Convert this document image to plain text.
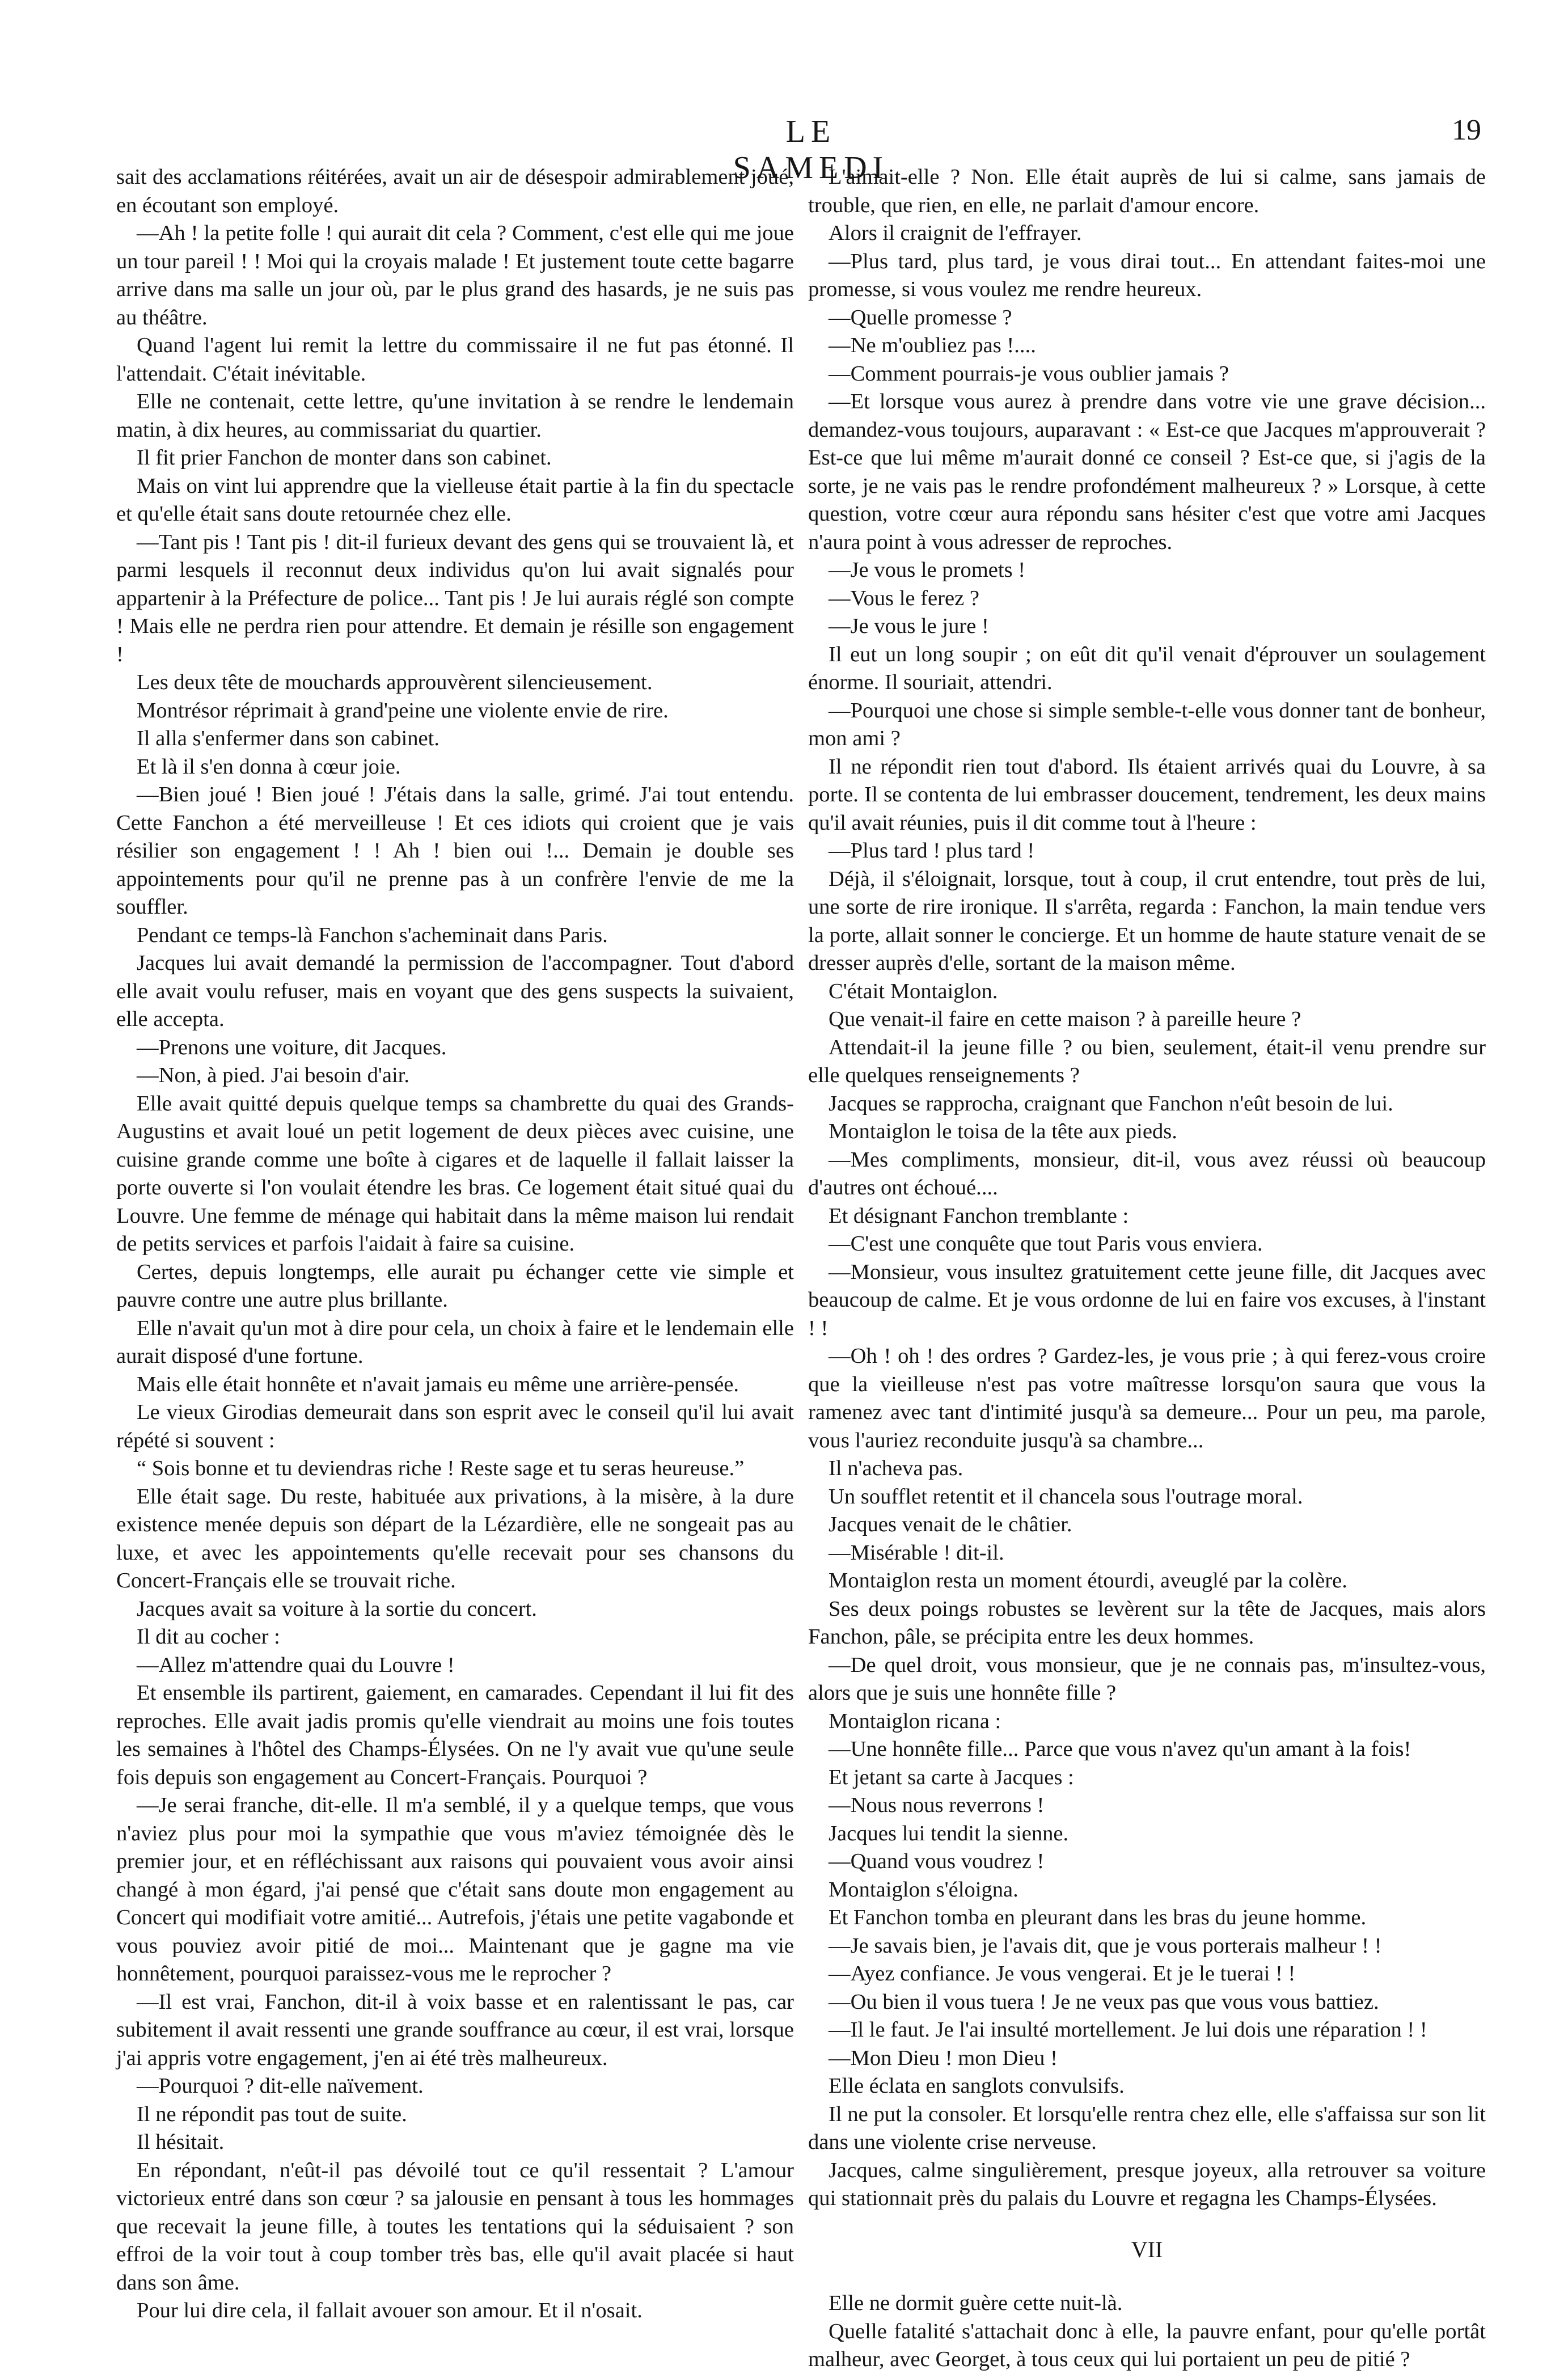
LE SAMEDI
19

sait des acclamations réitérées, avait un air de désespoir admirablement joué, en écoutant son employé.

—Ah ! la petite folle ! qui aurait dit cela ? Comment, c'est elle qui me joue un tour pareil ! ! Moi qui la croyais malade ! Et justement toute cette bagarre arrive dans ma salle un jour où, par le plus grand des hasards, je ne suis pas au théâtre.

Quand l'agent lui remit la lettre du commissaire il ne fut pas étonné. Il l'attendait. C'était inévitable.

Elle ne contenait, cette lettre, qu'une invitation à se rendre le lendemain matin, à dix heures, au commissariat du quartier.

Il fit prier Fanchon de monter dans son cabinet.

Mais on vint lui apprendre que la vielleuse était partie à la fin du spectacle et qu'elle était sans doute retournée chez elle.

—Tant pis ! Tant pis ! dit-il furieux devant des gens qui se trouvaient là, et parmi lesquels il reconnut deux individus qu'on lui avait signalés pour appartenir à la Préfecture de police... Tant pis ! Je lui aurais réglé son compte ! Mais elle ne perdra rien pour attendre. Et demain je résille son engagement !

Les deux tête de mouchards approuvèrent silencieusement.

Montrésor réprimait à grand'peine une violente envie de rire.

Il alla s'enfermer dans son cabinet.

Et là il s'en donna à cœur joie.

—Bien joué ! Bien joué ! J'étais dans la salle, grimé. J'ai tout entendu. Cette Fanchon a été merveilleuse ! Et ces idiots qui croient que je vais résilier son engagement ! ! Ah ! bien oui !... Demain je double ses appointements pour qu'il ne prenne pas à un confrère l'envie de me la souffler.

Pendant ce temps-là Fanchon s'acheminait dans Paris.

Jacques lui avait demandé la permission de l'accompagner. Tout d'abord elle avait voulu refuser, mais en voyant que des gens suspects la suivaient, elle accepta.

—Prenons une voiture, dit Jacques.

—Non, à pied. J'ai besoin d'air.

Elle avait quitté depuis quelque temps sa chambrette du quai des Grands-Augustins et avait loué un petit logement de deux pièces avec cuisine, une cuisine grande comme une boîte à cigares et de laquelle il fallait laisser la porte ouverte si l'on voulait étendre les bras. Ce logement était situé quai du Louvre. Une femme de ménage qui habitait dans la même maison lui rendait de petits services et parfois l'aidait à faire sa cuisine.

Certes, depuis longtemps, elle aurait pu échanger cette vie simple et pauvre contre une autre plus brillante.

Elle n'avait qu'un mot à dire pour cela, un choix à faire et le lendemain elle aurait disposé d'une fortune.

Mais elle était honnête et n'avait jamais eu même une arrière-pensée.

Le vieux Girodias demeurait dans son esprit avec le conseil qu'il lui avait répété si souvent :

“ Sois bonne et tu deviendras riche ! Reste sage et tu seras heureuse.”

Elle était sage. Du reste, habituée aux privations, à la misère, à la dure existence menée depuis son départ de la Lézardière, elle ne songeait pas au luxe, et avec les appointements qu'elle recevait pour ses chansons du Concert-Français elle se trouvait riche.

Jacques avait sa voiture à la sortie du concert.

Il dit au cocher :

—Allez m'attendre quai du Louvre !

Et ensemble ils partirent, gaiement, en camarades. Cependant il lui fit des reproches. Elle avait jadis promis qu'elle viendrait au moins une fois toutes les semaines à l'hôtel des Champs-Élysées. On ne l'y avait vue qu'une seule fois depuis son engagement au Concert-Français. Pourquoi ?

—Je serai franche, dit-elle. Il m'a semblé, il y a quelque temps, que vous n'aviez plus pour moi la sympathie que vous m'aviez témoignée dès le premier jour, et en réfléchissant aux raisons qui pouvaient vous avoir ainsi changé à mon égard, j'ai pensé que c'était sans doute mon engagement au Concert qui modifiait votre amitié... Autrefois, j'étais une petite vagabonde et vous pouviez avoir pitié de moi... Maintenant que je gagne ma vie honnêtement, pourquoi paraissez-vous me le reprocher ?

—Il est vrai, Fanchon, dit-il à voix basse et en ralentissant le pas, car subitement il avait ressenti une grande souffrance au cœur, il est vrai, lorsque j'ai appris votre engagement, j'en ai été très malheureux.

—Pourquoi ? dit-elle naïvement.

Il ne répondit pas tout de suite.

Il hésitait.

En répondant, n'eût-il pas dévoilé tout ce qu'il ressentait ? L'amour victorieux entré dans son cœur ? sa jalousie en pensant à tous les hommages que recevait la jeune fille, à toutes les tentations qui la séduisaient ? son effroi de la voir tout à coup tomber très bas, elle qu'il avait placée si haut dans son âme.

Pour lui dire cela, il fallait avouer son amour. Et il n'osait.

L'aimait-elle ? Non. Elle était auprès de lui si calme, sans jamais de trouble, que rien, en elle, ne parlait d'amour encore.

Alors il craignit de l'effrayer.

—Plus tard, plus tard, je vous dirai tout... En attendant faites-moi une promesse, si vous voulez me rendre heureux.

—Quelle promesse ?

—Ne m'oubliez pas !....

—Comment pourrais-je vous oublier jamais ?

—Et lorsque vous aurez à prendre dans votre vie une grave décision... demandez-vous toujours, auparavant : « Est-ce que Jacques m'approuverait ? Est-ce que lui même m'aurait donné ce conseil ? Est-ce que, si j'agis de la sorte, je ne vais pas le rendre profondément malheureux ? » Lorsque, à cette question, votre cœur aura répondu sans hésiter c'est que votre ami Jacques n'aura point à vous adresser de reproches.

—Je vous le promets !

—Vous le ferez ?

—Je vous le jure !

Il eut un long soupir ; on eût dit qu'il venait d'éprouver un soulagement énorme. Il souriait, attendri.

—Pourquoi une chose si simple semble-t-elle vous donner tant de bonheur, mon ami ?

Il ne répondit rien tout d'abord. Ils étaient arrivés quai du Louvre, à sa porte. Il se contenta de lui embrasser doucement, tendrement, les deux mains qu'il avait réunies, puis il dit comme tout à l'heure :

—Plus tard ! plus tard !

Déjà, il s'éloignait, lorsque, tout à coup, il crut entendre, tout près de lui, une sorte de rire ironique. Il s'arrêta, regarda : Fanchon, la main tendue vers la porte, allait sonner le concierge. Et un homme de haute stature venait de se dresser auprès d'elle, sortant de la maison même.

C'était Montaiglon.

Que venait-il faire en cette maison ? à pareille heure ?

Attendait-il la jeune fille ? ou bien, seulement, était-il venu prendre sur elle quelques renseignements ?

Jacques se rapprocha, craignant que Fanchon n'eût besoin de lui.

Montaiglon le toisa de la tête aux pieds.

—Mes compliments, monsieur, dit-il, vous avez réussi où beaucoup d'autres ont échoué....

Et désignant Fanchon tremblante :

—C'est une conquête que tout Paris vous enviera.

—Monsieur, vous insultez gratuitement cette jeune fille, dit Jacques avec beaucoup de calme. Et je vous ordonne de lui en faire vos excuses, à l'instant ! !

—Oh ! oh ! des ordres ? Gardez-les, je vous prie ; à qui ferez-vous croire que la vieilleuse n'est pas votre maîtresse lorsqu'on saura que vous la ramenez avec tant d'intimité jusqu'à sa demeure... Pour un peu, ma parole, vous l'auriez reconduite jusqu'à sa chambre...

Il n'acheva pas.

Un soufflet retentit et il chancela sous l'outrage moral.

Jacques venait de le châtier.

—Misérable ! dit-il.

Montaiglon resta un moment étourdi, aveuglé par la colère.

Ses deux poings robustes se levèrent sur la tête de Jacques, mais alors Fanchon, pâle, se précipita entre les deux hommes.

—De quel droit, vous monsieur, que je ne connais pas, m'insultez-vous, alors que je suis une honnête fille ?

Montaiglon ricana :

—Une honnête fille... Parce que vous n'avez qu'un amant à la fois!

Et jetant sa carte à Jacques :

—Nous nous reverrons !

Jacques lui tendit la sienne.

—Quand vous voudrez !

Montaiglon s'éloigna.

Et Fanchon tomba en pleurant dans les bras du jeune homme.

—Je savais bien, je l'avais dit, que je vous porterais malheur ! !

—Ayez confiance. Je vous vengerai. Et je le tuerai ! !

—Ou bien il vous tuera ! Je ne veux pas que vous vous battiez.

—Il le faut. Je l'ai insulté mortellement. Je lui dois une réparation ! !

—Mon Dieu ! mon Dieu !

Elle éclata en sanglots convulsifs.

Il ne put la consoler. Et lorsqu'elle rentra chez elle, elle s'affaissa sur son lit dans une violente crise nerveuse.

Jacques, calme singulièrement, presque joyeux, alla retrouver sa voiture qui stationnait près du palais du Louvre et regagna les Champs-Élysées.

VII

Elle ne dormit guère cette nuit-là.

Quelle fatalité s'attachait donc à elle, la pauvre enfant, pour qu'elle portât malheur, avec Georget, à tous ceux qui lui portaient un peu de pitié ?
